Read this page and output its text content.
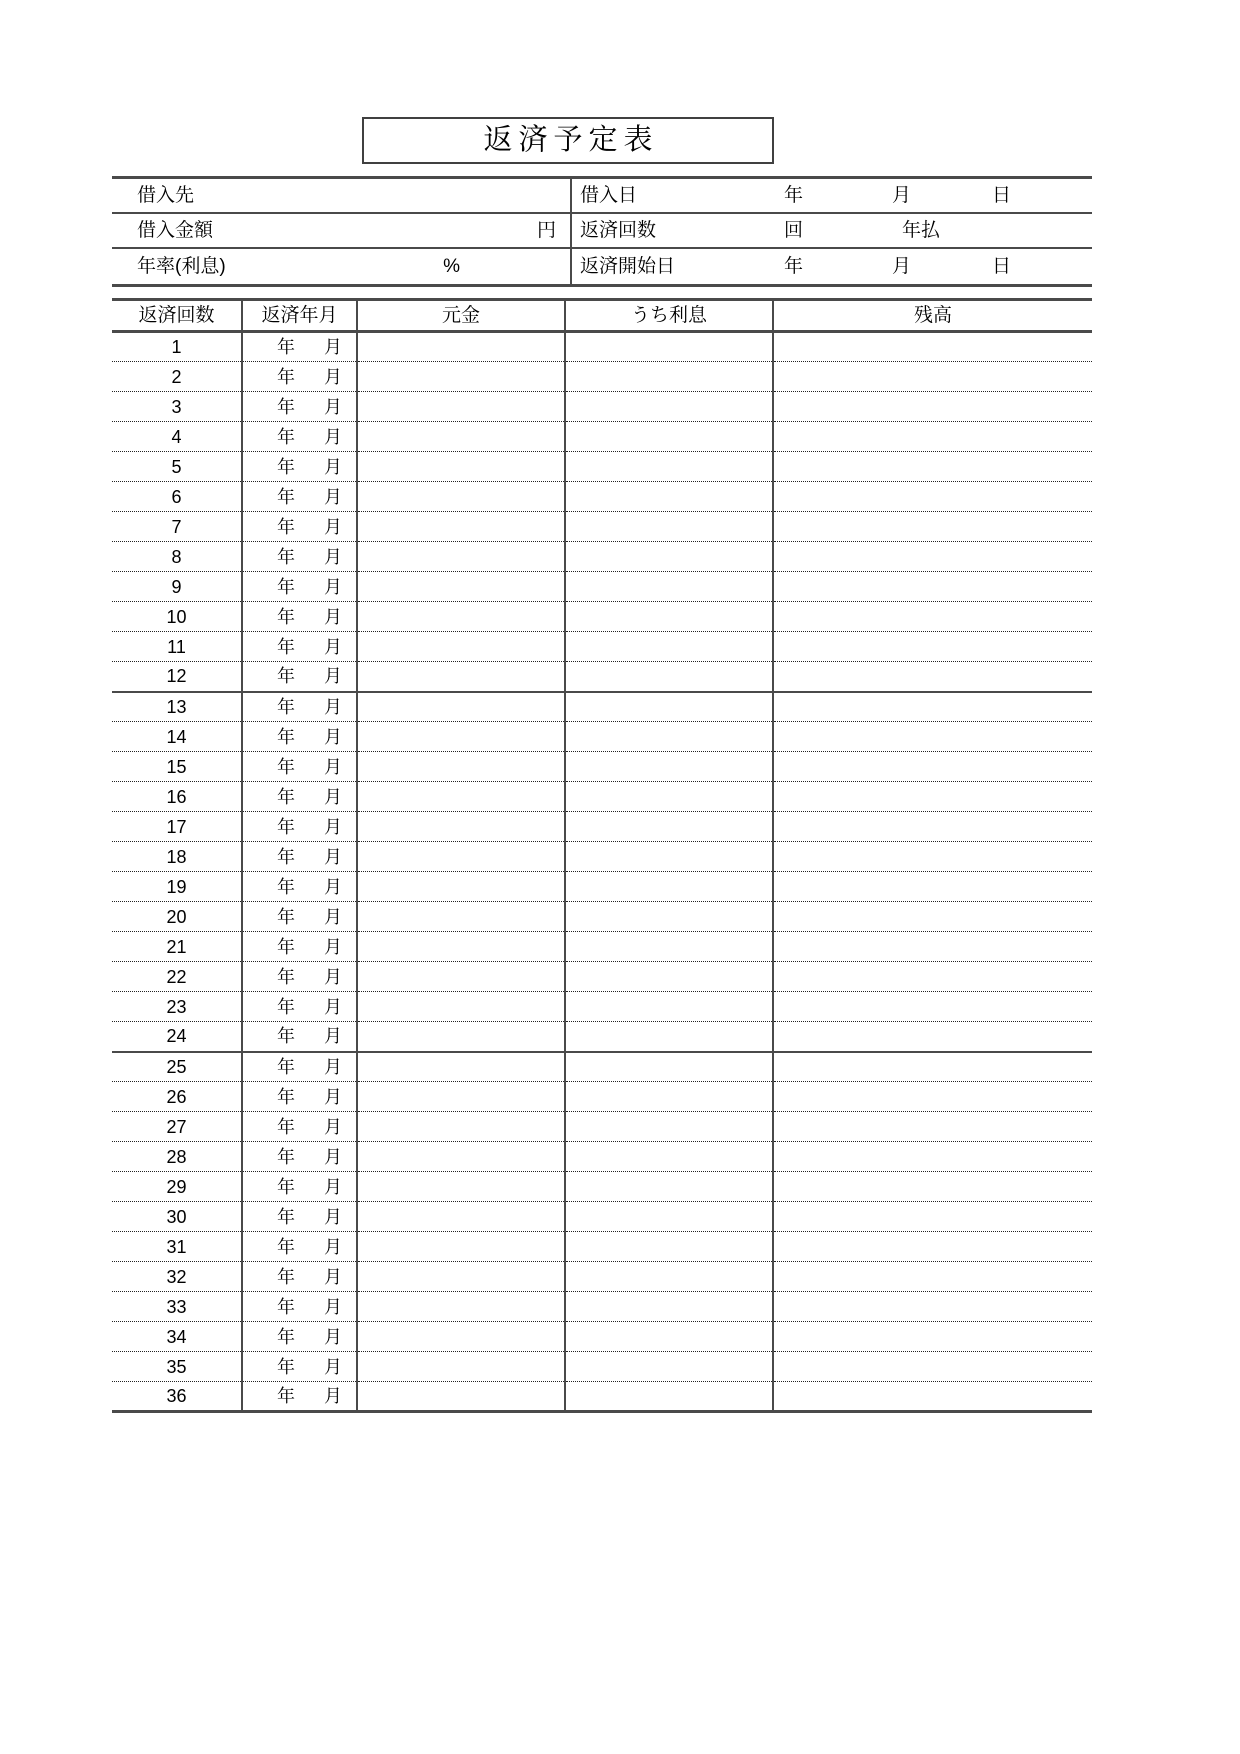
返済予定表
借入先	借入日	年	月	日
借入金額	円	返済回数	回	年払
年率(利息)	%	返済開始日	年	月	日
返済回数	返済年月	元金	うち利息	残高
1	年 月			

2	年 月			

3	年 月			

4	年 月			

5	年 月			

6	年 月			

7	年 月			

8	年 月			

9	年 月			

10	年 月			

11	年 月			

12	年 月			

13	年 月			

14	年 月			

15	年 月			

16	年 月			

17	年 月			

18	年 月			

19	年 月			

20	年 月			

21	年 月			

22	年 月			

23	年 月			

24	年 月			

25	年 月			

26	年 月			

27	年 月			

28	年 月			

29	年 月			

30	年 月			

31	年 月			

32	年 月			

33	年 月			

34	年 月			

35	年 月			

36	年 月			
